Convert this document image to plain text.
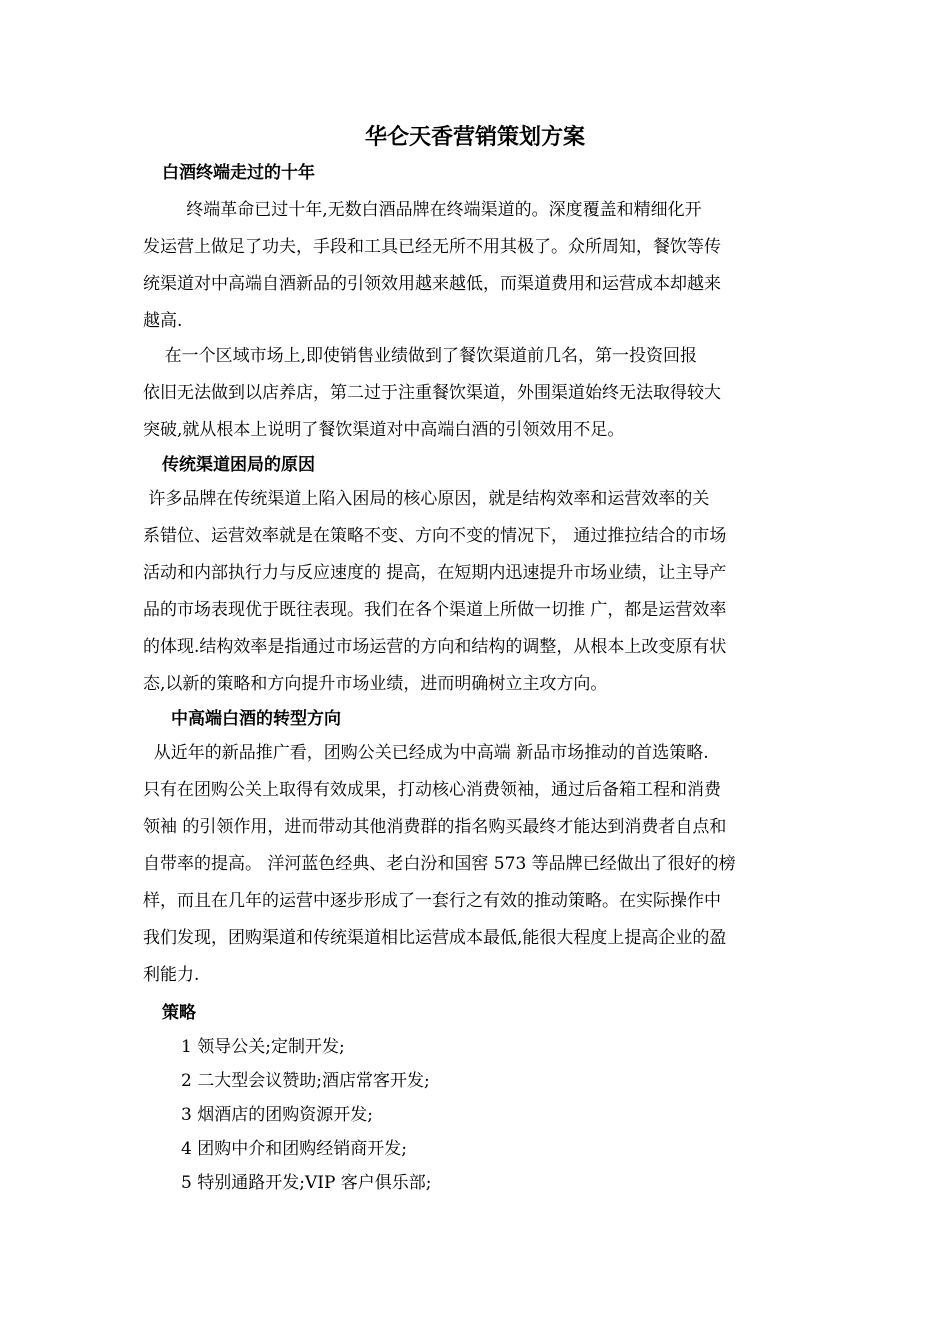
华仑天香营销策划方案
白酒终端走过的十年

终端革命已过十年,无数白酒品牌在终端渠道的。深度覆盖和精细化开
发运营上做足了功夫，手段和工具已经无所不用其极了。众所周知，餐饮等传
统渠道对中高端自酒新品的引领效用越来越低，而渠道费用和运营成本却越来
越高.

在一个区域市场上,即使销售业绩做到了餐饮渠道前几名，第一投资回报
依旧无法做到以店养店，第二过于注重餐饮渠道，外围渠道始终无法取得较大
突破,就从根本上说明了餐饮渠道对中高端白酒的引领效用不足。

传统渠道困局的原因

许多品牌在传统渠道上陷入困局的核心原因，就是结构效率和运营效率的关
系错位、运营效率就是在策略不变、方向不变的情况下， 通过推拉结合的市场
活动和内部执行力与反应速度的 提高，在短期内迅速提升市场业绩，让主导产
品的市场表现优于既往表现。我们在各个渠道上所做一切推 广，都是运营效率
的体现.结构效率是指通过市场运营的方向和结构的调整，从根本上改变原有状
态,以新的策略和方向提升市场业绩，进而明确树立主攻方向。

中高端白酒的转型方向

从近年的新品推广看，团购公关已经成为中高端 新品市场推动的首选策略.
只有在团购公关上取得有效成果，打动核心消费领袖，通过后备箱工程和消费
领袖 的引领作用，进而带动其他消费群的指名购买最终才能达到消费者自点和
自带率的提高。 洋河蓝色经典、老白汾和国窖 573 等品牌已经做出了很好的榜
样，而且在几年的运营中逐步形成了一套行之有效的推动策略。在实际操作中
我们发现，团购渠道和传统渠道相比运营成本最低,能很大程度上提高企业的盈
利能力.

策略
1 领导公关;定制开发;
2 二大型会议赞助;酒店常客开发;
3 烟酒店的团购资源开发;
4 团购中介和团购经销商开发;
5 特别通路开发;VIP 客户俱乐部;
